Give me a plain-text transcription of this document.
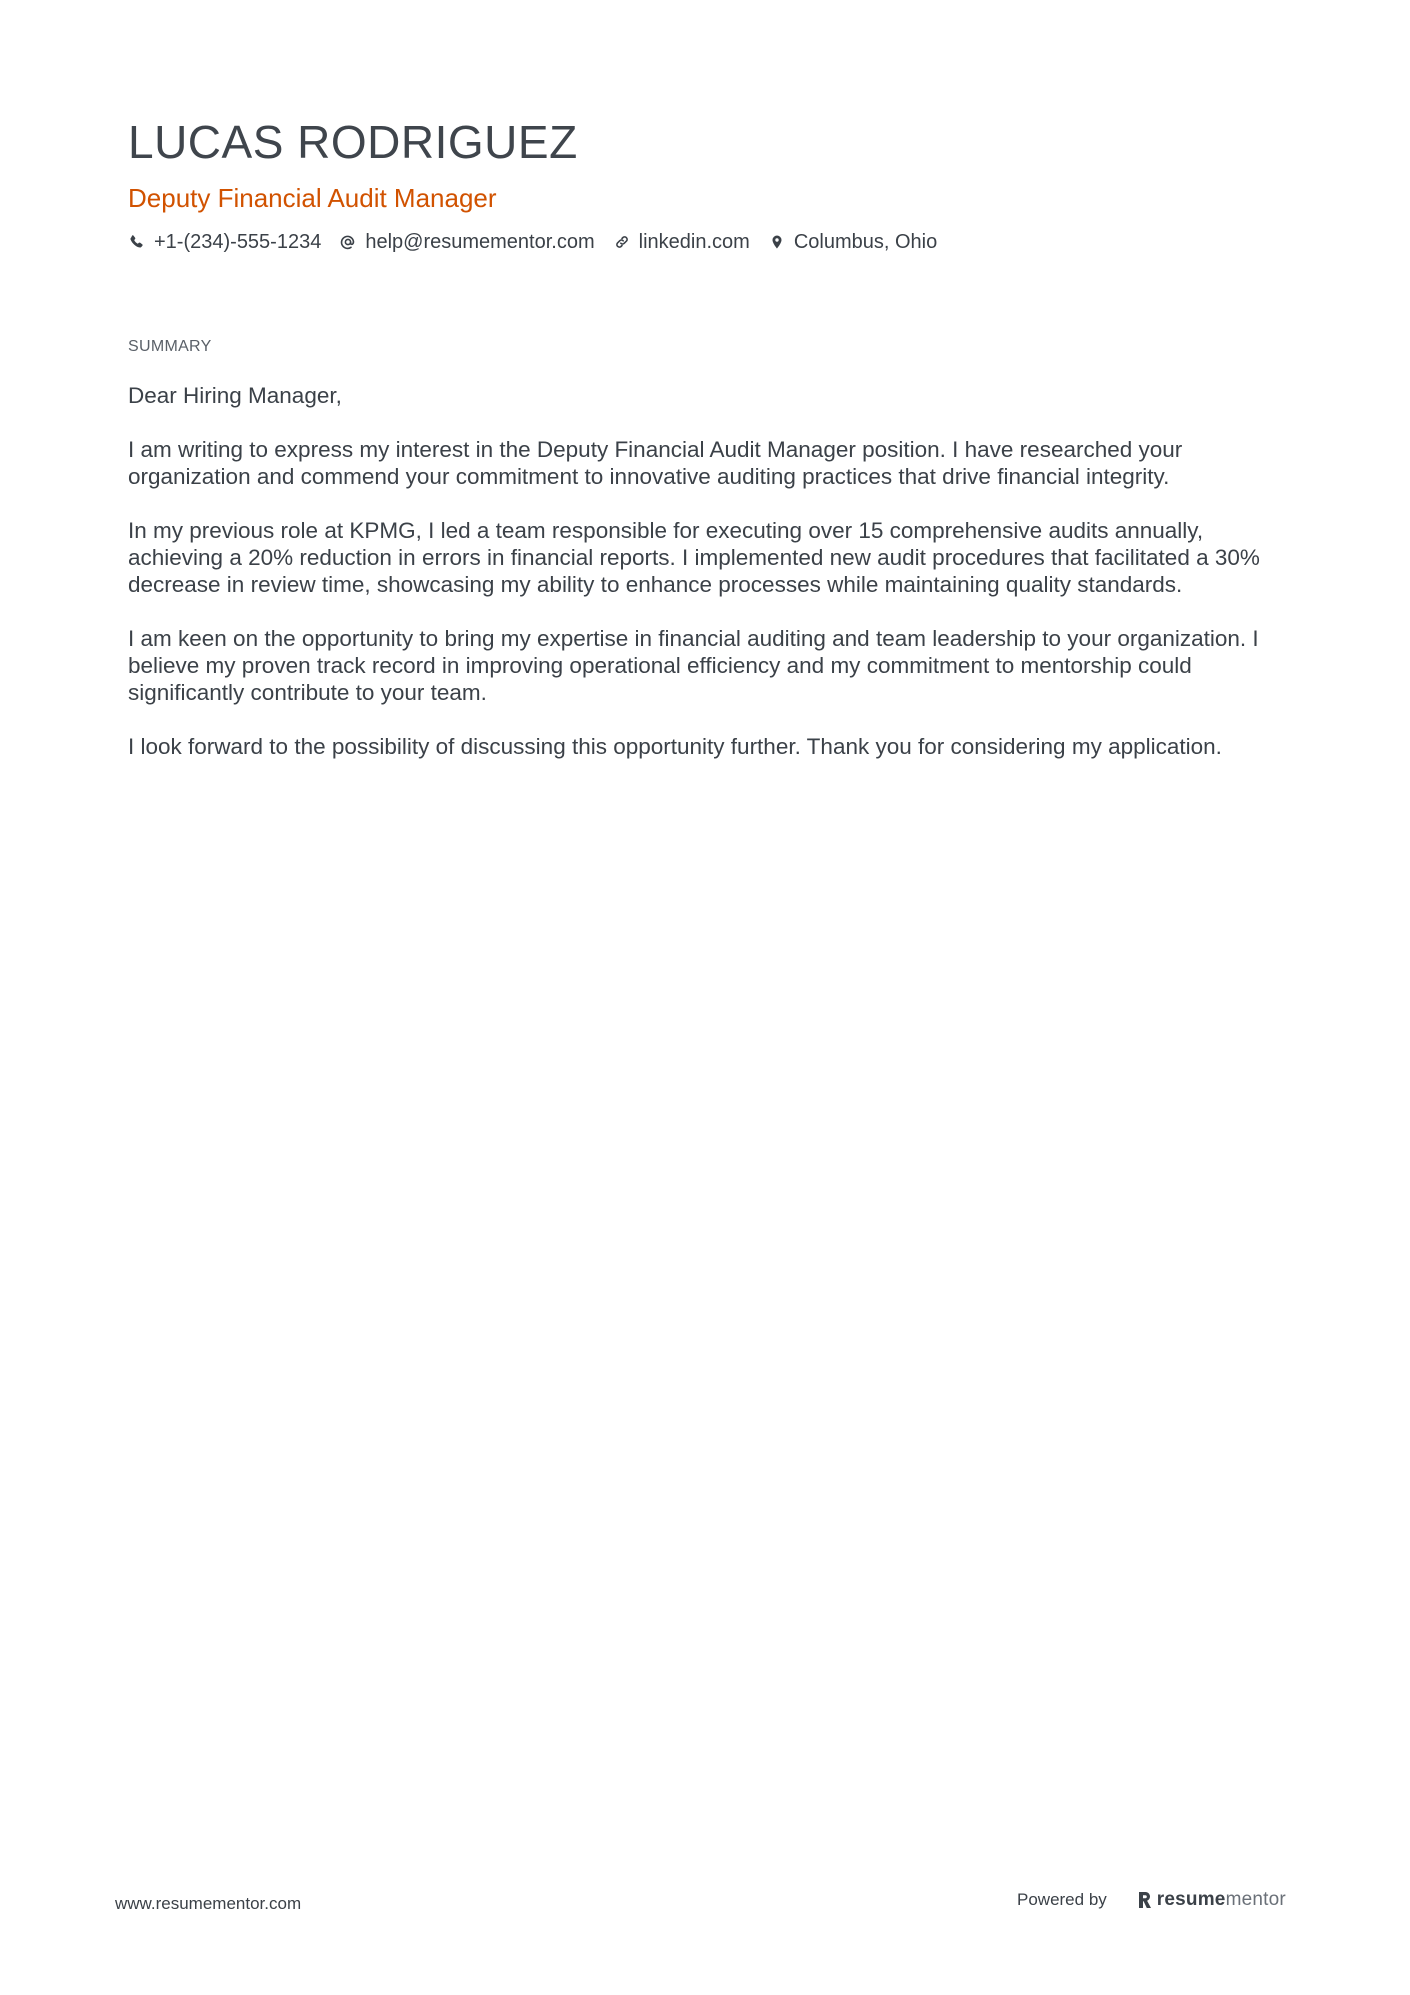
LUCAS RODRIGUEZ
Deputy Financial Audit Manager
+1-(234)-555-1234 help@resumementor.com linkedin.com Columbus, Ohio
SUMMARY

Dear Hiring Manager,

I am writing to express my interest in the Deputy Financial Audit Manager position. I have researched your organization and commend your commitment to innovative auditing practices that drive financial integrity.

In my previous role at KPMG, I led a team responsible for executing over 15 comprehensive audits annually, achieving a 20% reduction in errors in financial reports. I implemented new audit procedures that facilitated a 30% decrease in review time, showcasing my ability to enhance processes while maintaining quality standards.

I am keen on the opportunity to bring my expertise in financial auditing and team leadership to your organization. I believe my proven track record in improving operational efficiency and my commitment to mentorship could significantly contribute to your team.

I look forward to the possibility of discussing this opportunity further. Thank you for considering my application.

www.resumementor.com	Powered by	resume mentor
